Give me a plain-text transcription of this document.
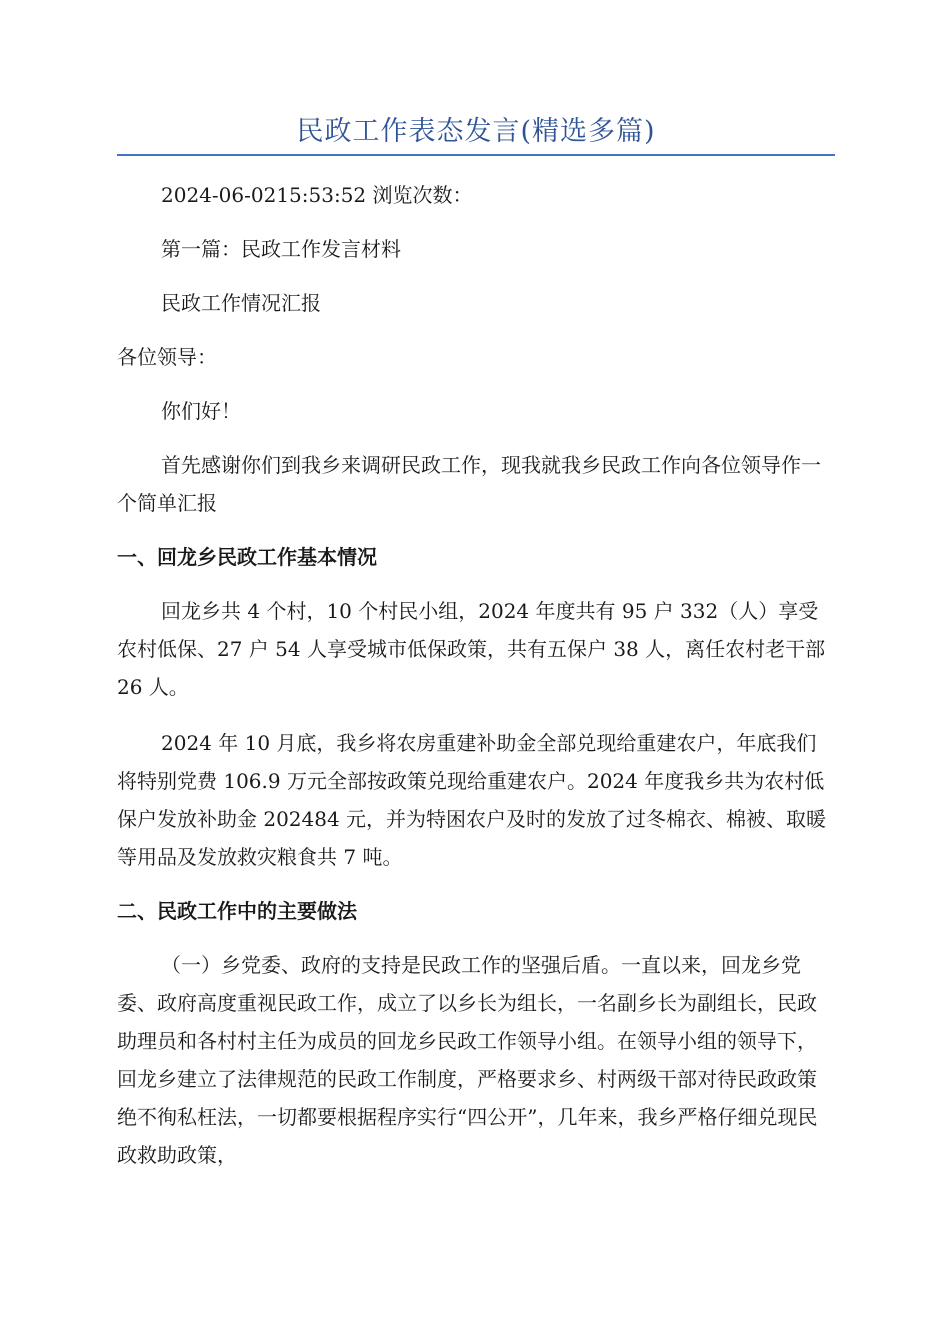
民政工作表态发言(精选多篇)

2024-06-0215:53:52 浏览次数：

第一篇：民政工作发言材料

民政工作情况汇报

各位领导：

你们好！

首先感谢你们到我乡来调研民政工作，现我就我乡民政工作向各位领导作一个简单汇报

一、回龙乡民政工作基本情况

回龙乡共 4 个村，10 个村民小组，2024 年度共有 95 户 332（人）享受农村低保、27 户 54 人享受城市低保政策，共有五保户 38 人，离任农村老干部 26 人。

2024 年 10 月底，我乡将农房重建补助金全部兑现给重建农户，年底我们将特别党费 106.9 万元全部按政策兑现给重建农户。2024 年度我乡共为农村低保户发放补助金 202484 元，并为特困农户及时的发放了过冬棉衣、棉被、取暖等用品及发放救灾粮食共 7 吨。

二、民政工作中的主要做法

（一）乡党委、政府的支持是民政工作的坚强后盾。一直以来，回龙乡党委、政府高度重视民政工作，成立了以乡长为组长，一名副乡长为副组长，民政助理员和各村村主任为成员的回龙乡民政工作领导小组。在领导小组的领导下，回龙乡建立了法律规范的民政工作制度，严格要求乡、村两级干部对待民政政策绝不徇私枉法，一切都要根据程序实行“四公开”，几年来，我乡严格仔细兑现民政救助政策，
